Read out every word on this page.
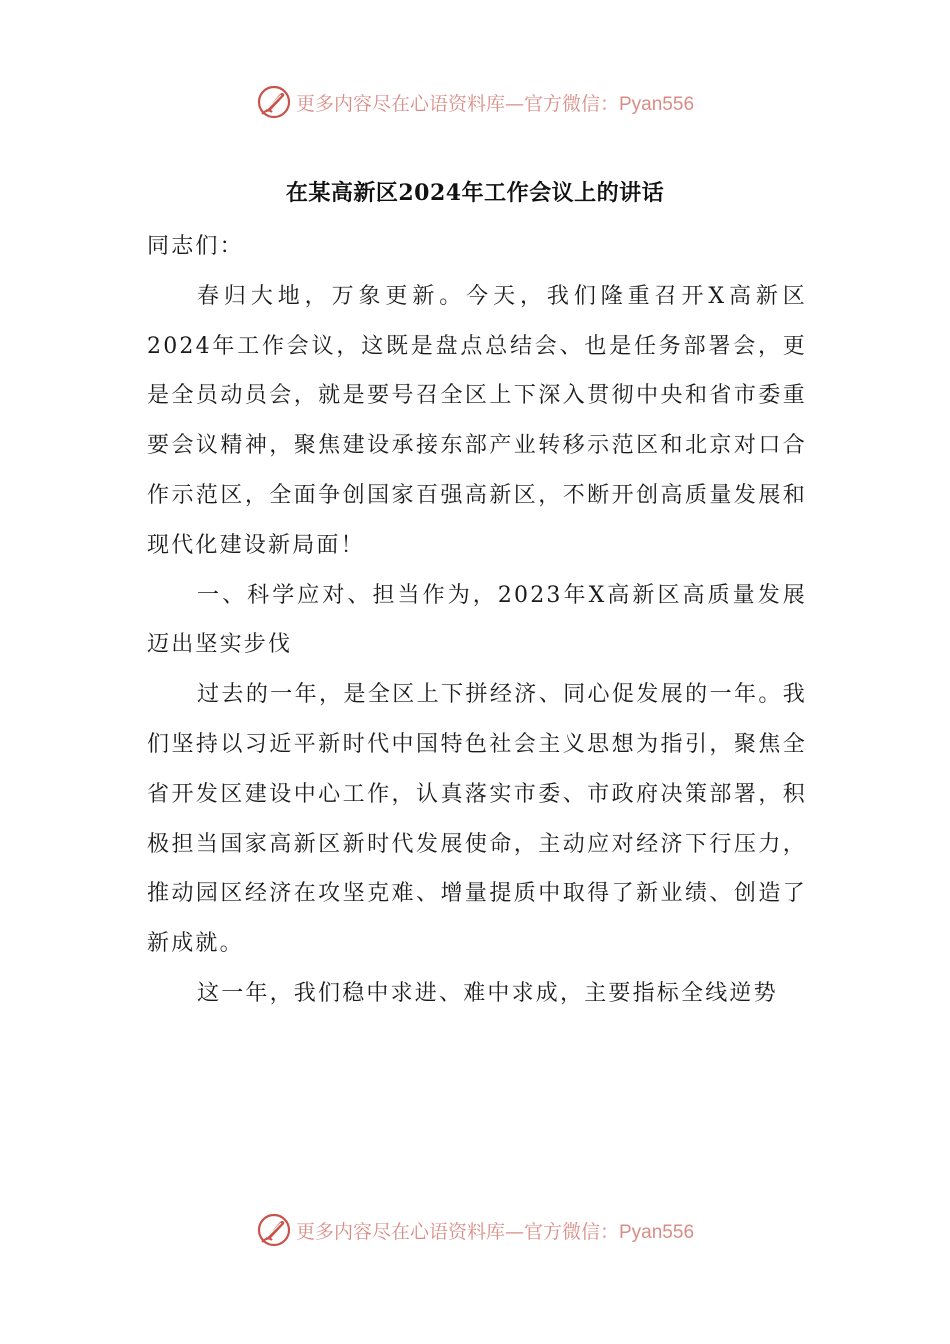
更多内容尽在心语资料库—官方微信：Pyan556
在某高新区2024年工作会议上的讲话

同志们：

春归大地，万象更新。今天，我们隆重召开X高新区2024年工作会议，这既是盘点总结会、也是任务部署会，更是全员动员会，就是要号召全区上下深入贯彻中央和省市委重要会议精神，聚焦建设承接东部产业转移示范区和北京对口合作示范区，全面争创国家百强高新区，不断开创高质量发展和现代化建设新局面！

一、科学应对、担当作为，2023年X高新区高质量发展迈出坚实步伐

过去的一年，是全区上下拼经济、同心促发展的一年。我们坚持以习近平新时代中国特色社会主义思想为指引，聚焦全省开发区建设中心工作，认真落实市委、市政府决策部署，积极担当国家高新区新时代发展使命，主动应对经济下行压力，推动园区经济在攻坚克难、增量提质中取得了新业绩、创造了新成就。

这一年，我们稳中求进、难中求成，主要指标全线逆势

更多内容尽在心语资料库—官方微信：Pyan556
